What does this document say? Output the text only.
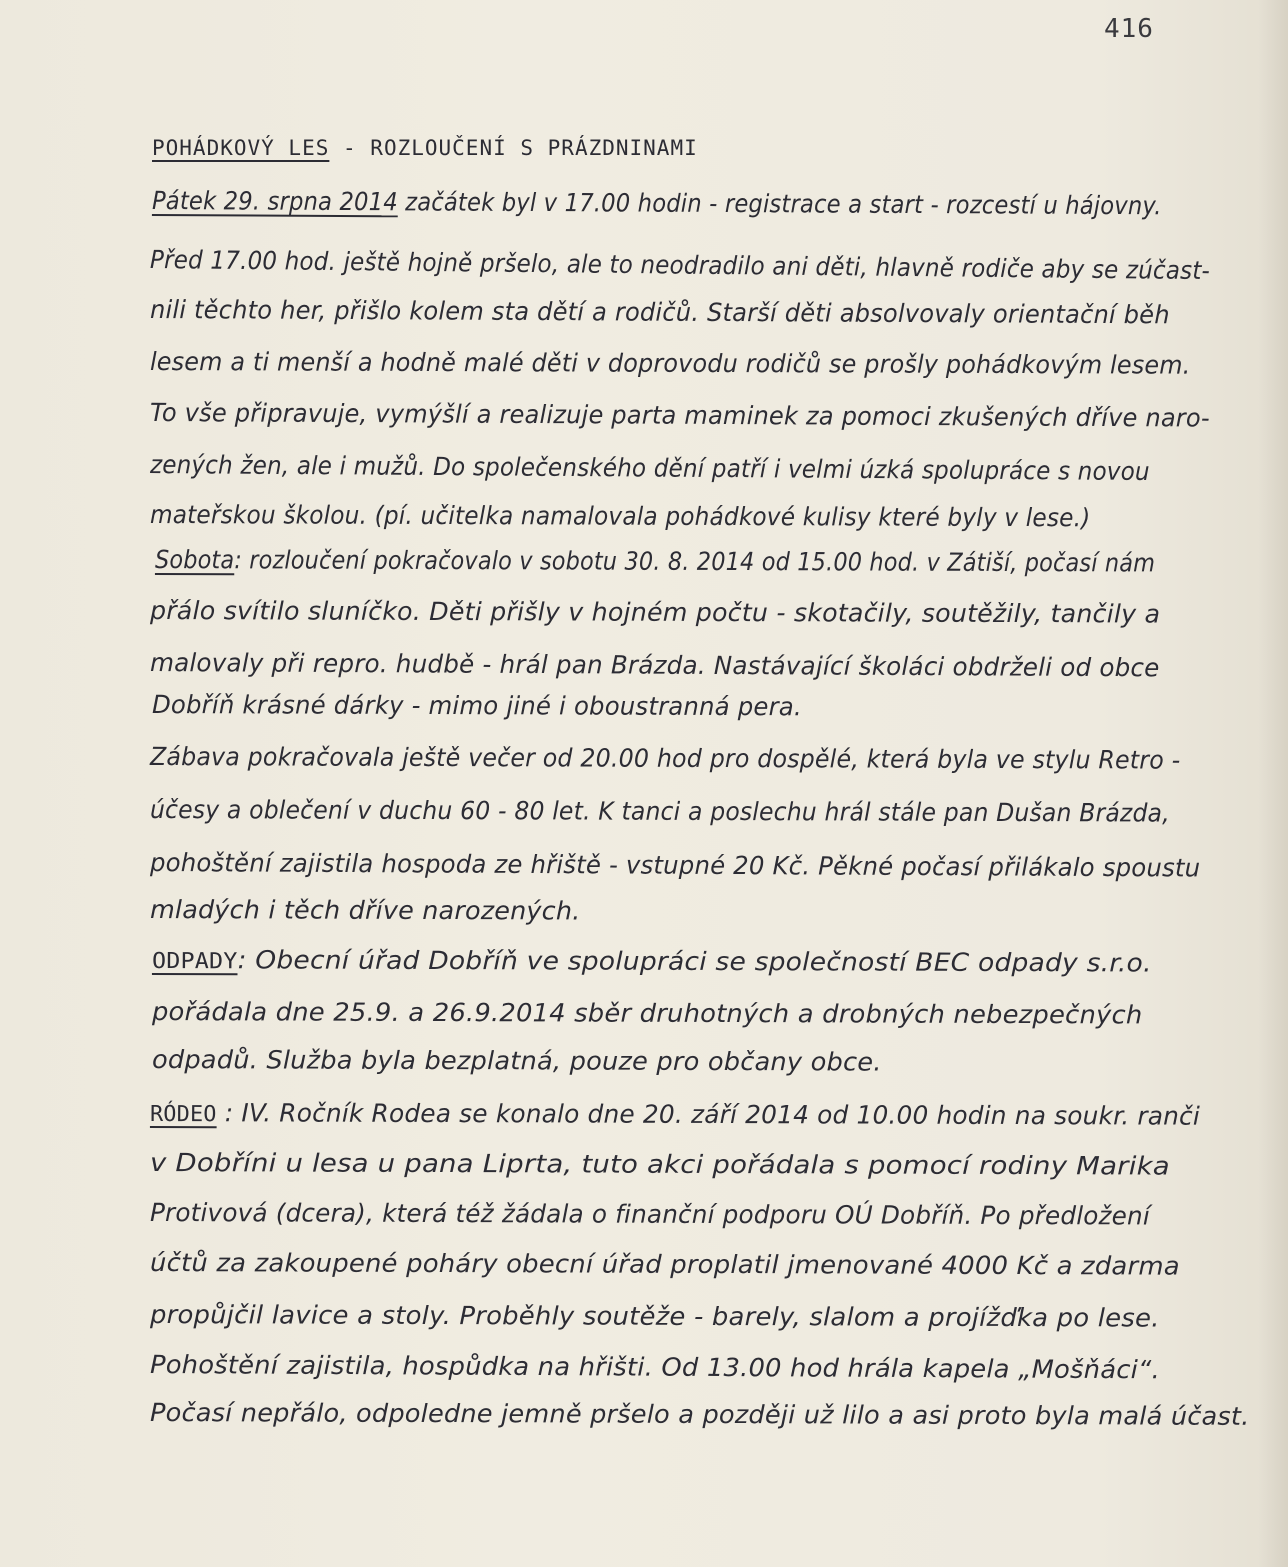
416
POHÁDKOVÝ LES - ROZLOUČENÍ S PRÁZDNINAMI
Pátek 29. srpna 2014 začátek byl v 17.00 hodin - registrace a start - rozcestí u hájovny.
Před 17.00 hod. ještě hojně pršelo, ale to neodradilo ani děti, hlavně rodiče aby se zúčast-
nili těchto her, přišlo kolem sta dětí a rodičů. Starší děti absolvovaly orientační běh
lesem a ti menší a hodně malé děti v doprovodu rodičů se prošly pohádkovým lesem.
To vše připravuje, vymýšlí a realizuje parta maminek za pomoci zkušených dříve naro-
zených žen, ale i mužů. Do společenského dění patří i velmi úzká spolupráce s novou
mateřskou školou. (pí. učitelka namalovala pohádkové kulisy které byly v lese.)
Sobota: rozloučení pokračovalo v sobotu 30. 8. 2014 od 15.00 hod. v Zátiší, počasí nám
přálo svítilo sluníčko. Děti přišly v hojném počtu - skotačily, soutěžily, tančily a
malovaly při repro. hudbě - hrál pan Brázda. Nastávající školáci obdrželi od obce
Dobříň krásné dárky - mimo jiné i oboustranná pera.
Zábava pokračovala ještě večer od 20.00 hod pro dospělé, která byla ve stylu Retro -
účesy a oblečení v duchu 60 - 80 let. K tanci a poslechu hrál stále pan Dušan Brázda,
pohoštění zajistila hospoda ze hřiště - vstupné 20 Kč. Pěkné počasí přilákalo spoustu
mladých i těch dříve narozených.
ODPADY: Obecní úřad Dobříň ve spolupráci se společností BEC odpady s.r.o.
pořádala dne 25.9. a 26.9.2014 sběr druhotných a drobných nebezpečných
odpadů. Služba byla bezplatná, pouze pro občany obce.
RÓDEO : IV. Ročník Rodea se konalo dne 20. září 2014 od 10.00 hodin na soukr. ranči
v Dobříni u lesa u pana Liprta, tuto akci pořádala s pomocí rodiny Marika
Protivová (dcera), která též žádala o finanční podporu OÚ Dobříň. Po předložení
účtů za zakoupené poháry obecní úřad proplatil jmenované 4000 Kč a zdarma
propůjčil lavice a stoly. Proběhly soutěže - barely, slalom a projížďka po lese.
Pohoštění zajistila, hospůdka na hřišti. Od 13.00 hod hrála kapela „Mošňáci“.
Počasí nepřálo, odpoledne jemně pršelo a později už lilo a asi proto byla malá účast.
